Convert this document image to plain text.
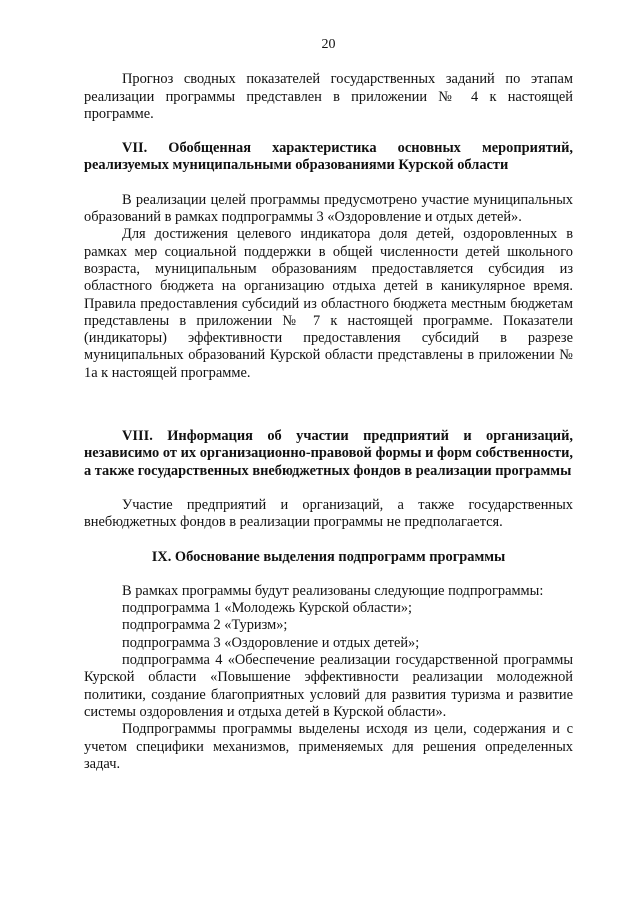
20

Прогноз сводных показателей государственных заданий по этапам реализации программы представлен в приложении № 4 к настоящей программе.

VII. Обобщенная характеристика основных мероприятий, реализуемых муниципальными образованиями Курской области

В реализации целей программы предусмотрено участие муниципальных образований в рамках подпрограммы 3 «Оздоровление и отдых детей».

Для достижения целевого индикатора доля детей, оздоровленных в рамках мер социальной поддержки в общей численности детей школьного возраста, муниципальным образованиям предоставляется субсидия из областного бюджета на организацию отдыха детей в каникулярное время. Правила предоставления субсидий из областного бюджета местным бюджетам представлены в приложении № 7 к настоящей программе. Показатели (индикаторы) эффективности предоставления субсидий в разрезе муниципальных образований Курской области представлены в приложении № 1а к настоящей программе.

VIII. Информация об участии предприятий и организаций, независимо от их организационно-правовой формы и форм собственности, а также государственных внебюджетных фондов в реализации программы

Участие предприятий и организаций, а также государственных внебюджетных фондов в реализации программы не предполагается.

IX. Обоснование выделения подпрограмм программы

В рамках программы будут реализованы следующие подпрограммы:

подпрограмма 1 «Молодежь Курской области»;

подпрограмма 2 «Туризм»;

подпрограмма 3 «Оздоровление и отдых детей»;

подпрограмма 4 «Обеспечение реализации государственной программы Курской области «Повышение эффективности реализации молодежной политики, создание благоприятных условий для развития туризма и развитие системы оздоровления и отдыха детей в Курской области».

Подпрограммы программы выделены исходя из цели, содержания и с учетом специфики механизмов, применяемых для решения определенных задач.
